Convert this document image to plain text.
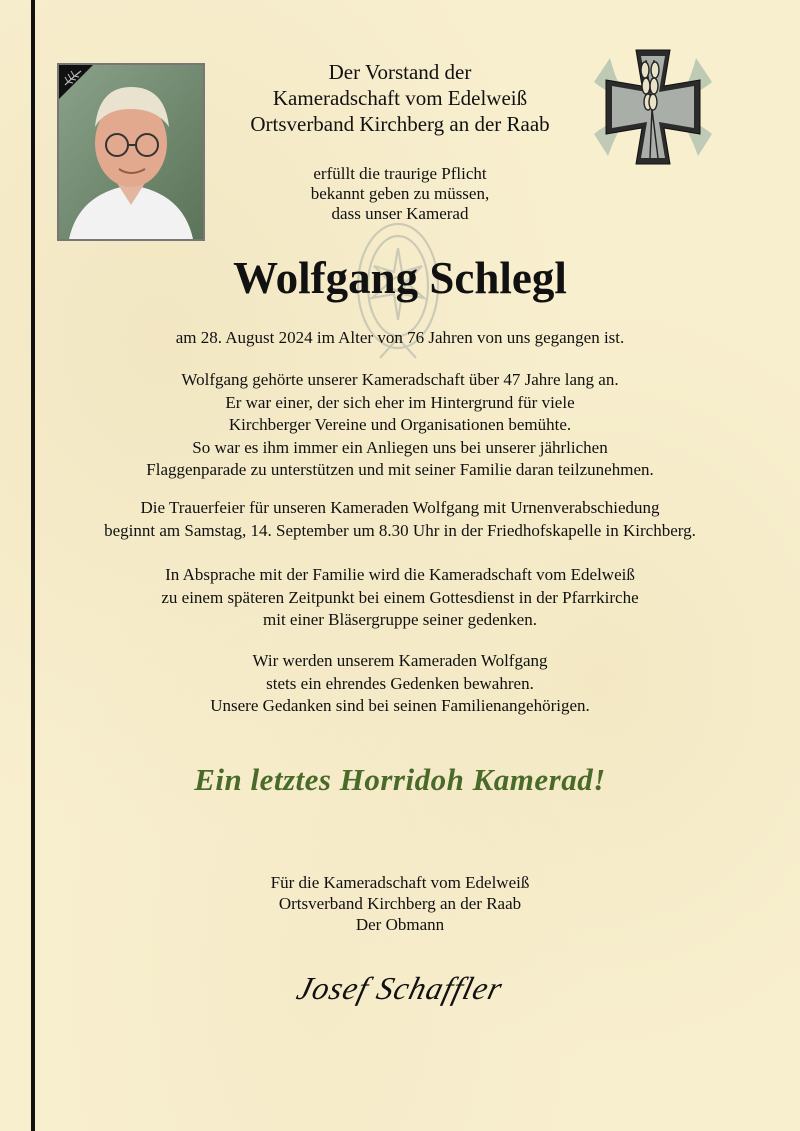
Der Vorstand der
Kameradschaft vom Edelweiß
Ortsverband Kirchberg an der Raab
erfüllt die traurige Pflicht
bekannt geben zu müssen,
dass unser Kamerad
Wolfgang Schlegl
am 28. August 2024 im Alter von 76 Jahren von uns gegangen ist.
Wolfgang gehörte unserer Kameradschaft über 47 Jahre lang an.
Er war einer, der sich eher im Hintergrund für viele
Kirchberger Vereine und Organisationen bemühte.
So war es ihm immer ein Anliegen uns bei unserer jährlichen
Flaggenparade zu unterstützen und mit seiner Familie daran teilzunehmen.
Die Trauerfeier für unseren Kameraden Wolfgang mit Urnenverabschiedung
beginnt am Samstag, 14. September um 8.30 Uhr in der Friedhofskapelle in Kirchberg.
In Absprache mit der Familie wird die Kameradschaft vom Edelweiß
zu einem späteren Zeitpunkt bei einem Gottesdienst in der Pfarrkirche
mit einer Bläsergruppe seiner gedenken.
Wir werden unserem Kameraden Wolfgang
stets ein ehrendes Gedenken bewahren.
Unsere Gedanken sind bei seinen Familienangehörigen.
Ein letztes Horridoh Kamerad!
Für die Kameradschaft vom Edelweiß
Ortsverband Kirchberg an der Raab
Der Obmann
Josef Schaffler
